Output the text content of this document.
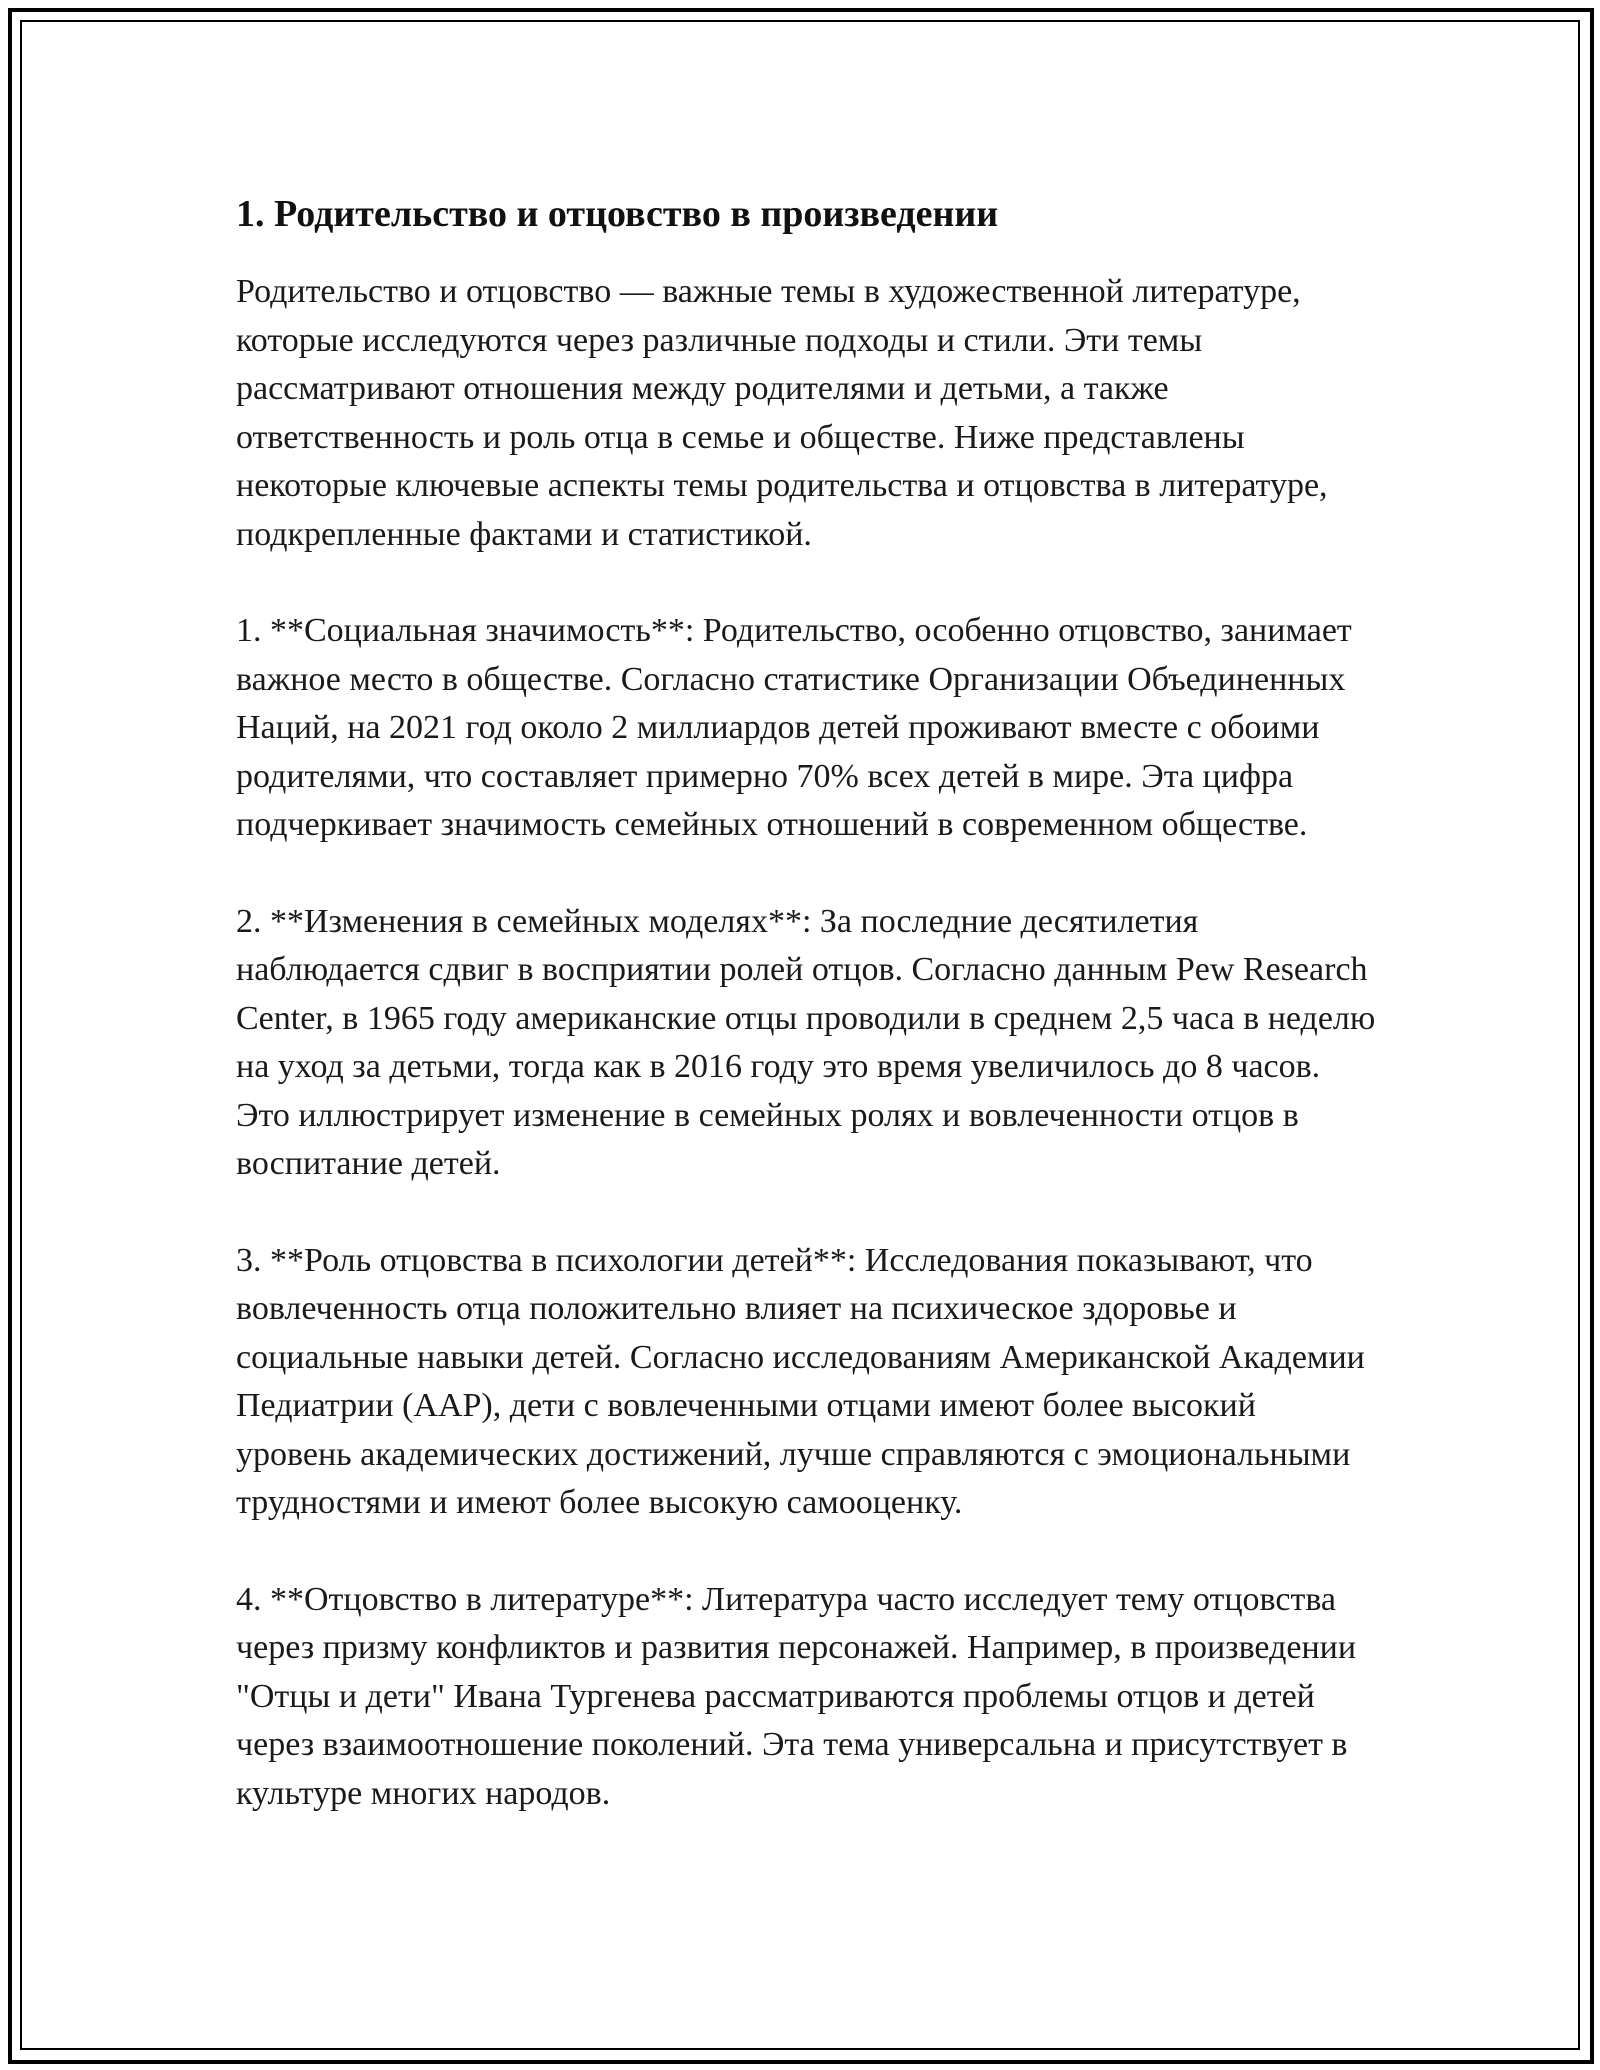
1. Родительство и отцовство в произведении

Родительство и отцовство — важные темы в художественной литературе, которые исследуются через различные подходы и стили. Эти темы рассматривают отношения между родителями и детьми, а также ответственность и роль отца в семье и обществе. Ниже представлены некоторые ключевые аспекты темы родительства и отцовства в литературе, подкрепленные фактами и статистикой.

1. **Социальная значимость**: Родительство, особенно отцовство, занимает важное место в обществе. Согласно статистике Организации Объединенных Наций, на 2021 год около 2 миллиардов детей проживают вместе с обоими родителями, что составляет примерно 70% всех детей в мире. Эта цифра подчеркивает значимость семейных отношений в современном обществе.

2. **Изменения в семейных моделях**: За последние десятилетия наблюдается сдвиг в восприятии ролей отцов. Согласно данным Pew Research Center, в 1965 году американские отцы проводили в среднем 2,5 часа в неделю на уход за детьми, тогда как в 2016 году это время увеличилось до 8 часов. Это иллюстрирует изменение в семейных ролях и вовлеченности отцов в воспитание детей.

3. **Роль отцовства в психологии детей**: Исследования показывают, что вовлеченность отца положительно влияет на психическое здоровье и социальные навыки детей. Согласно исследованиям Американской Академии Педиатрии (AAP), дети с вовлеченными отцами имеют более высокий уровень академических достижений, лучше справляются с эмоциональными трудностями и имеют более высокую самооценку.

4. **Отцовство в литературе**: Литература часто исследует тему отцовства через призму конфликтов и развития персонажей. Например, в произведении "Отцы и дети" Ивана Тургенева рассматриваются проблемы отцов и детей через взаимоотношение поколений. Эта тема универсальна и присутствует в культуре многих народов.
